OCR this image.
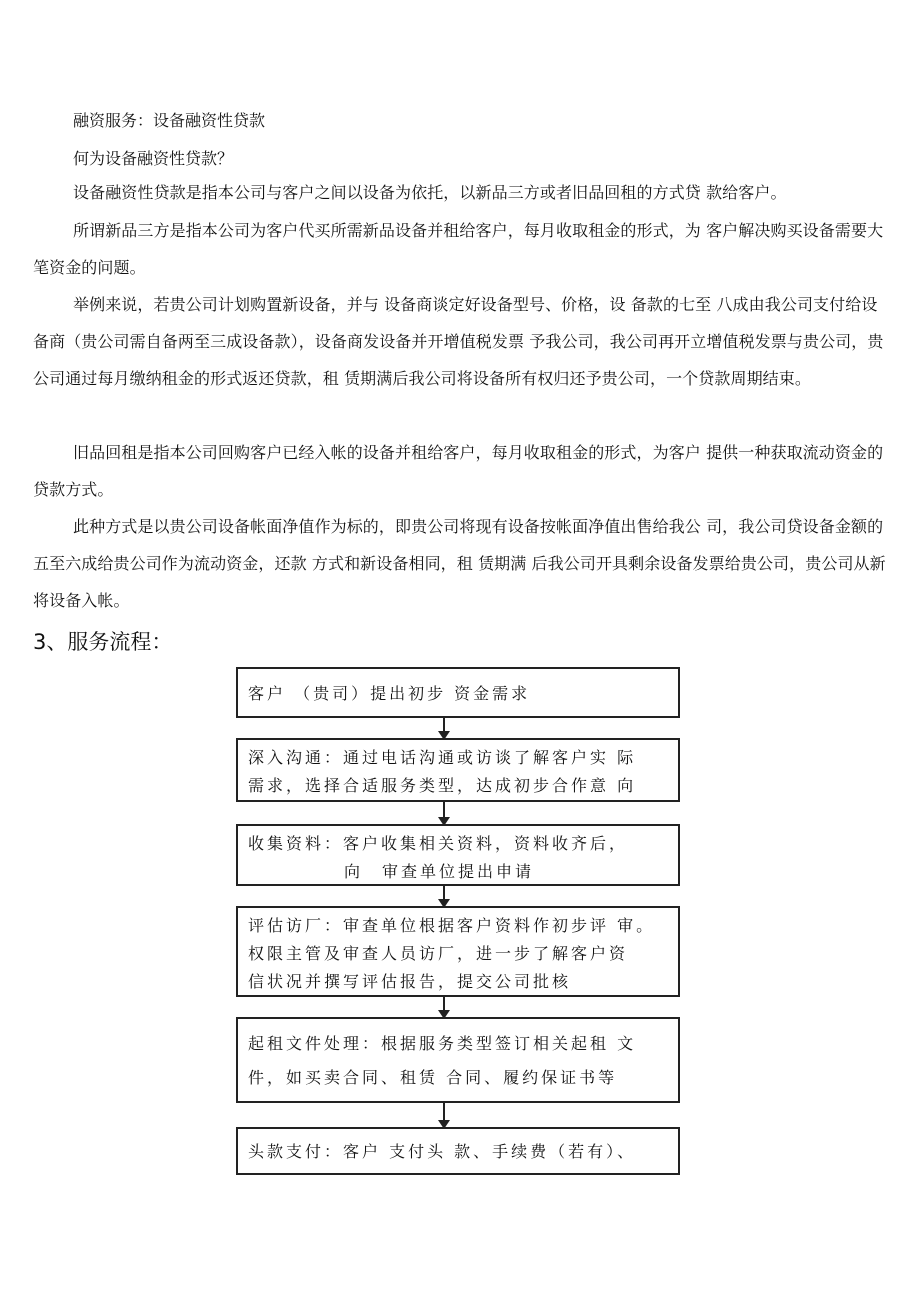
融资服务：设备融资性贷款
何为设备融资性贷款？
设备融资性贷款是指本公司与客户之间以设备为依托，以新品三方或者旧品回租的方式贷 款给客户。
所谓新品三方是指本公司为客户代买所需新品设备并租给客户，每月收取租金的形式，为 客户解决购买设备需要大笔资金的问题。
举例来说，若贵公司计划购置新设备，并与 设备商谈定好设备型号、价格，设 备款的七至 八成由我公司支付给设备商（贵公司需自备两至三成设备款），设备商发设备并开增值税发票 予我公司，我公司再开立增值税发票与贵公司，贵公司通过每月缴纳租金的形式返还贷款，租 赁期满后我公司将设备所有权归还予贵公司，一个贷款周期结束。
旧品回租是指本公司回购客户已经入帐的设备并租给客户，每月收取租金的形式，为客户 提供一种获取流动资金的贷款方式。
此种方式是以贵公司设备帐面净值作为标的，即贵公司将现有设备按帐面净值出售给我公 司，我公司贷设备金额的五至六成给贵公司作为流动资金，还款 方式和新设备相同，租 赁期满 后我公司开具剩余设备发票给贵公司，贵公司从新将设备入帐。
3、服务流程：
客户 （贵司）提出初步 资金需求
深入沟通：通过电话沟通或访谈了解客户实 际
需求，选择合适服务类型，达成初步合作意 向
收集资料：客户收集相关资料，资料收齐后，
向　审查单位提出申请
评估访厂：审查单位根据客户资料作初步评 审。
权限主管及审查人员访厂，进一步了解客户资
信状况并撰写评估报告，提交公司批核
起租文件处理：根据服务类型签订相关起租 文
件，如买卖合同、租赁 合同、履约保证书等
头款支付：客户 支付头 款、手续费（若有）、
